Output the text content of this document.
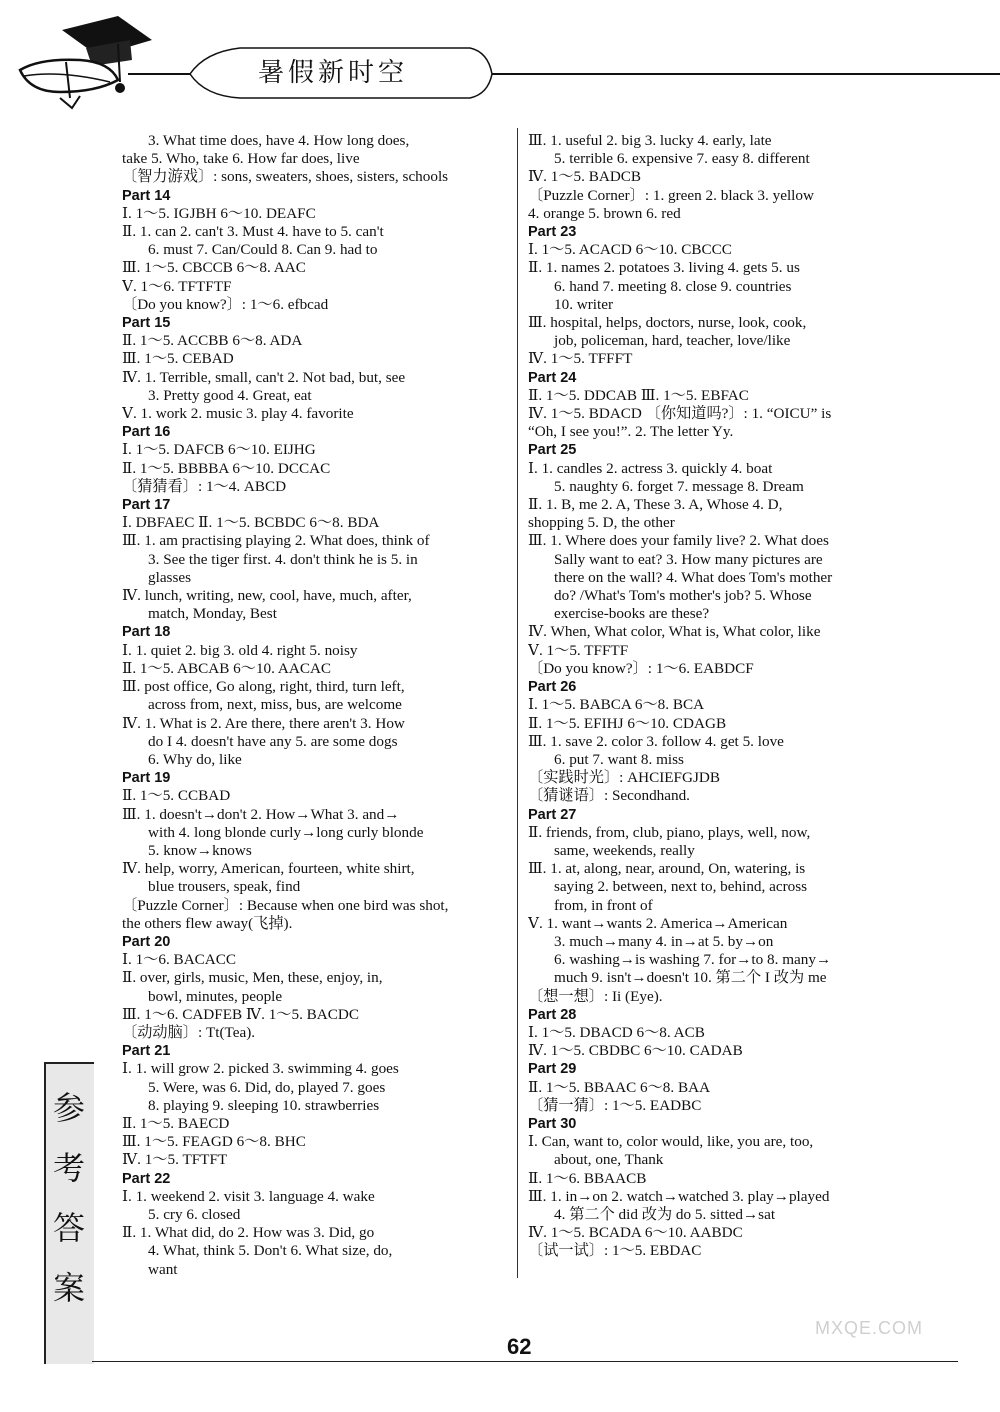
暑假新时空
3. What time does, have 4. How long does,
take 5. Who, take 6. How far does, live
〔智力游戏〕: sons, sweaters, shoes, sisters, schools
Part 14
Ⅰ. 1～5. IGJBH 6～10. DEAFC
Ⅱ. 1. can 2. can't 3. Must 4. have to 5. can't
6. must 7. Can/Could 8. Can 9. had to
Ⅲ. 1～5. CBCCB 6～8. AAC
Ⅴ. 1～6. TFTFTF
〔Do you know?〕: 1～6. efbcad
Part 15
Ⅱ. 1～5. ACCBB 6～8. ADA
Ⅲ. 1～5. CEBAD
Ⅳ. 1. Terrible, small, can't 2. Not bad, but, see
3. Pretty good 4. Great, eat
Ⅴ. 1. work 2. music 3. play 4. favorite
Part 16
Ⅰ. 1～5. DAFCB 6～10. EIJHG
Ⅱ. 1～5. BBBBA 6～10. DCCAC
〔猜猜看〕: 1～4. ABCD
Part 17
Ⅰ. DBFAEC Ⅱ. 1～5. BCBDC 6～8. BDA
Ⅲ. 1. am practising playing 2. What does, think of
3. See the tiger first. 4. don't think he is 5. in
glasses
Ⅳ. lunch, writing, new, cool, have, much, after,
match, Monday, Best
Part 18
Ⅰ. 1. quiet 2. big 3. old 4. right 5. noisy
Ⅱ. 1～5. ABCAB 6～10. AACAC
Ⅲ. post office, Go along, right, third, turn left,
across from, next, miss, bus, are welcome
Ⅳ. 1. What is 2. Are there, there aren't 3. How
do I 4. doesn't have any 5. are some dogs
6. Why do, like
Part 19
Ⅱ. 1～5. CCBAD
Ⅲ. 1. doesn't→don't 2. How→What 3. and→
with 4. long blonde curly→long curly blonde
5. know→knows
Ⅳ. help, worry, American, fourteen, white shirt,
blue trousers, speak, find
〔Puzzle Corner〕: Because when one bird was shot,
the others flew away(飞掉).
Part 20
Ⅰ. 1～6. BACACC
Ⅱ. over, girls, music, Men, these, enjoy, in,
bowl, minutes, people
Ⅲ. 1～6. CADFEB Ⅳ. 1～5. BACDC
〔动动脑〕: Tt(Tea).
Part 21
Ⅰ. 1. will grow 2. picked 3. swimming 4. goes
5. Were, was 6. Did, do, played 7. goes
8. playing 9. sleeping 10. strawberries
Ⅱ. 1～5. BAECD
Ⅲ. 1～5. FEAGD 6～8. BHC
Ⅳ. 1～5. TFTFT
Part 22
Ⅰ. 1. weekend 2. visit 3. language 4. wake
5. cry 6. closed
Ⅱ. 1. What did, do 2. How was 3. Did, go
4. What, think 5. Don't 6. What size, do,
want
Ⅲ. 1. useful 2. big 3. lucky 4. early, late
5. terrible 6. expensive 7. easy 8. different
Ⅳ. 1～5. BADCB
〔Puzzle Corner〕: 1. green 2. black 3. yellow
4. orange 5. brown 6. red
Part 23
Ⅰ. 1～5. ACACD 6～10. CBCCC
Ⅱ. 1. names 2. potatoes 3. living 4. gets 5. us
6. hand 7. meeting 8. close 9. countries
10. writer
Ⅲ. hospital, helps, doctors, nurse, look, cook,
job, policeman, hard, teacher, love/like
Ⅳ. 1～5. TFFFT
Part 24
Ⅱ. 1～5. DDCAB Ⅲ. 1～5. EBFAC
Ⅳ. 1～5. BDACD 〔你知道吗?〕: 1. “OICU” is
“Oh, I see you!”. 2. The letter Yy.
Part 25
Ⅰ. 1. candles 2. actress 3. quickly 4. boat
5. naughty 6. forget 7. message 8. Dream
Ⅱ. 1. B, me 2. A, These 3. A, Whose 4. D,
shopping 5. D, the other
Ⅲ. 1. Where does your family live? 2. What does
Sally want to eat? 3. How many pictures are
there on the wall? 4. What does Tom's mother
do? /What's Tom's mother's job? 5. Whose
exercise-books are these?
Ⅳ. When, What color, What is, What color, like
Ⅴ. 1～5. TFFTF
〔Do you know?〕: 1～6. EABDCF
Part 26
Ⅰ. 1～5. BABCA 6～8. BCA
Ⅱ. 1～5. EFIHJ 6～10. CDAGB
Ⅲ. 1. save 2. color 3. follow 4. get 5. love
6. put 7. want 8. miss
〔实践时光〕: AHCIEFGJDB
〔猜谜语〕: Secondhand.
Part 27
Ⅱ. friends, from, club, piano, plays, well, now,
same, weekends, really
Ⅲ. 1. at, along, near, around, On, watering, is
saying 2. between, next to, behind, across
from, in front of
Ⅴ. 1. want→wants 2. America→American
3. much→many 4. in→at 5. by→on
6. washing→is washing 7. for→to 8. many→
much 9. isn't→doesn't 10. 第二个 I 改为 me
〔想一想〕: Ii (Eye).
Part 28
Ⅰ. 1～5. DBACD 6～8. ACB
Ⅳ. 1～5. CBDBC 6～10. CADAB
Part 29
Ⅱ. 1～5. BBAAC 6～8. BAA
〔猜一猜〕: 1～5. EADBC
Part 30
Ⅰ. Can, want to, color would, like, you are, too,
about, one, Thank
Ⅱ. 1～6. BBAACB
Ⅲ. 1. in→on 2. watch→watched 3. play→played
4. 第二个 did 改为 do 5. sitted→sat
Ⅳ. 1～5. BCADA 6～10. AABDC
〔试一试〕: 1～5. EBDAC
参
考
答
案
62
MXQE.COM
